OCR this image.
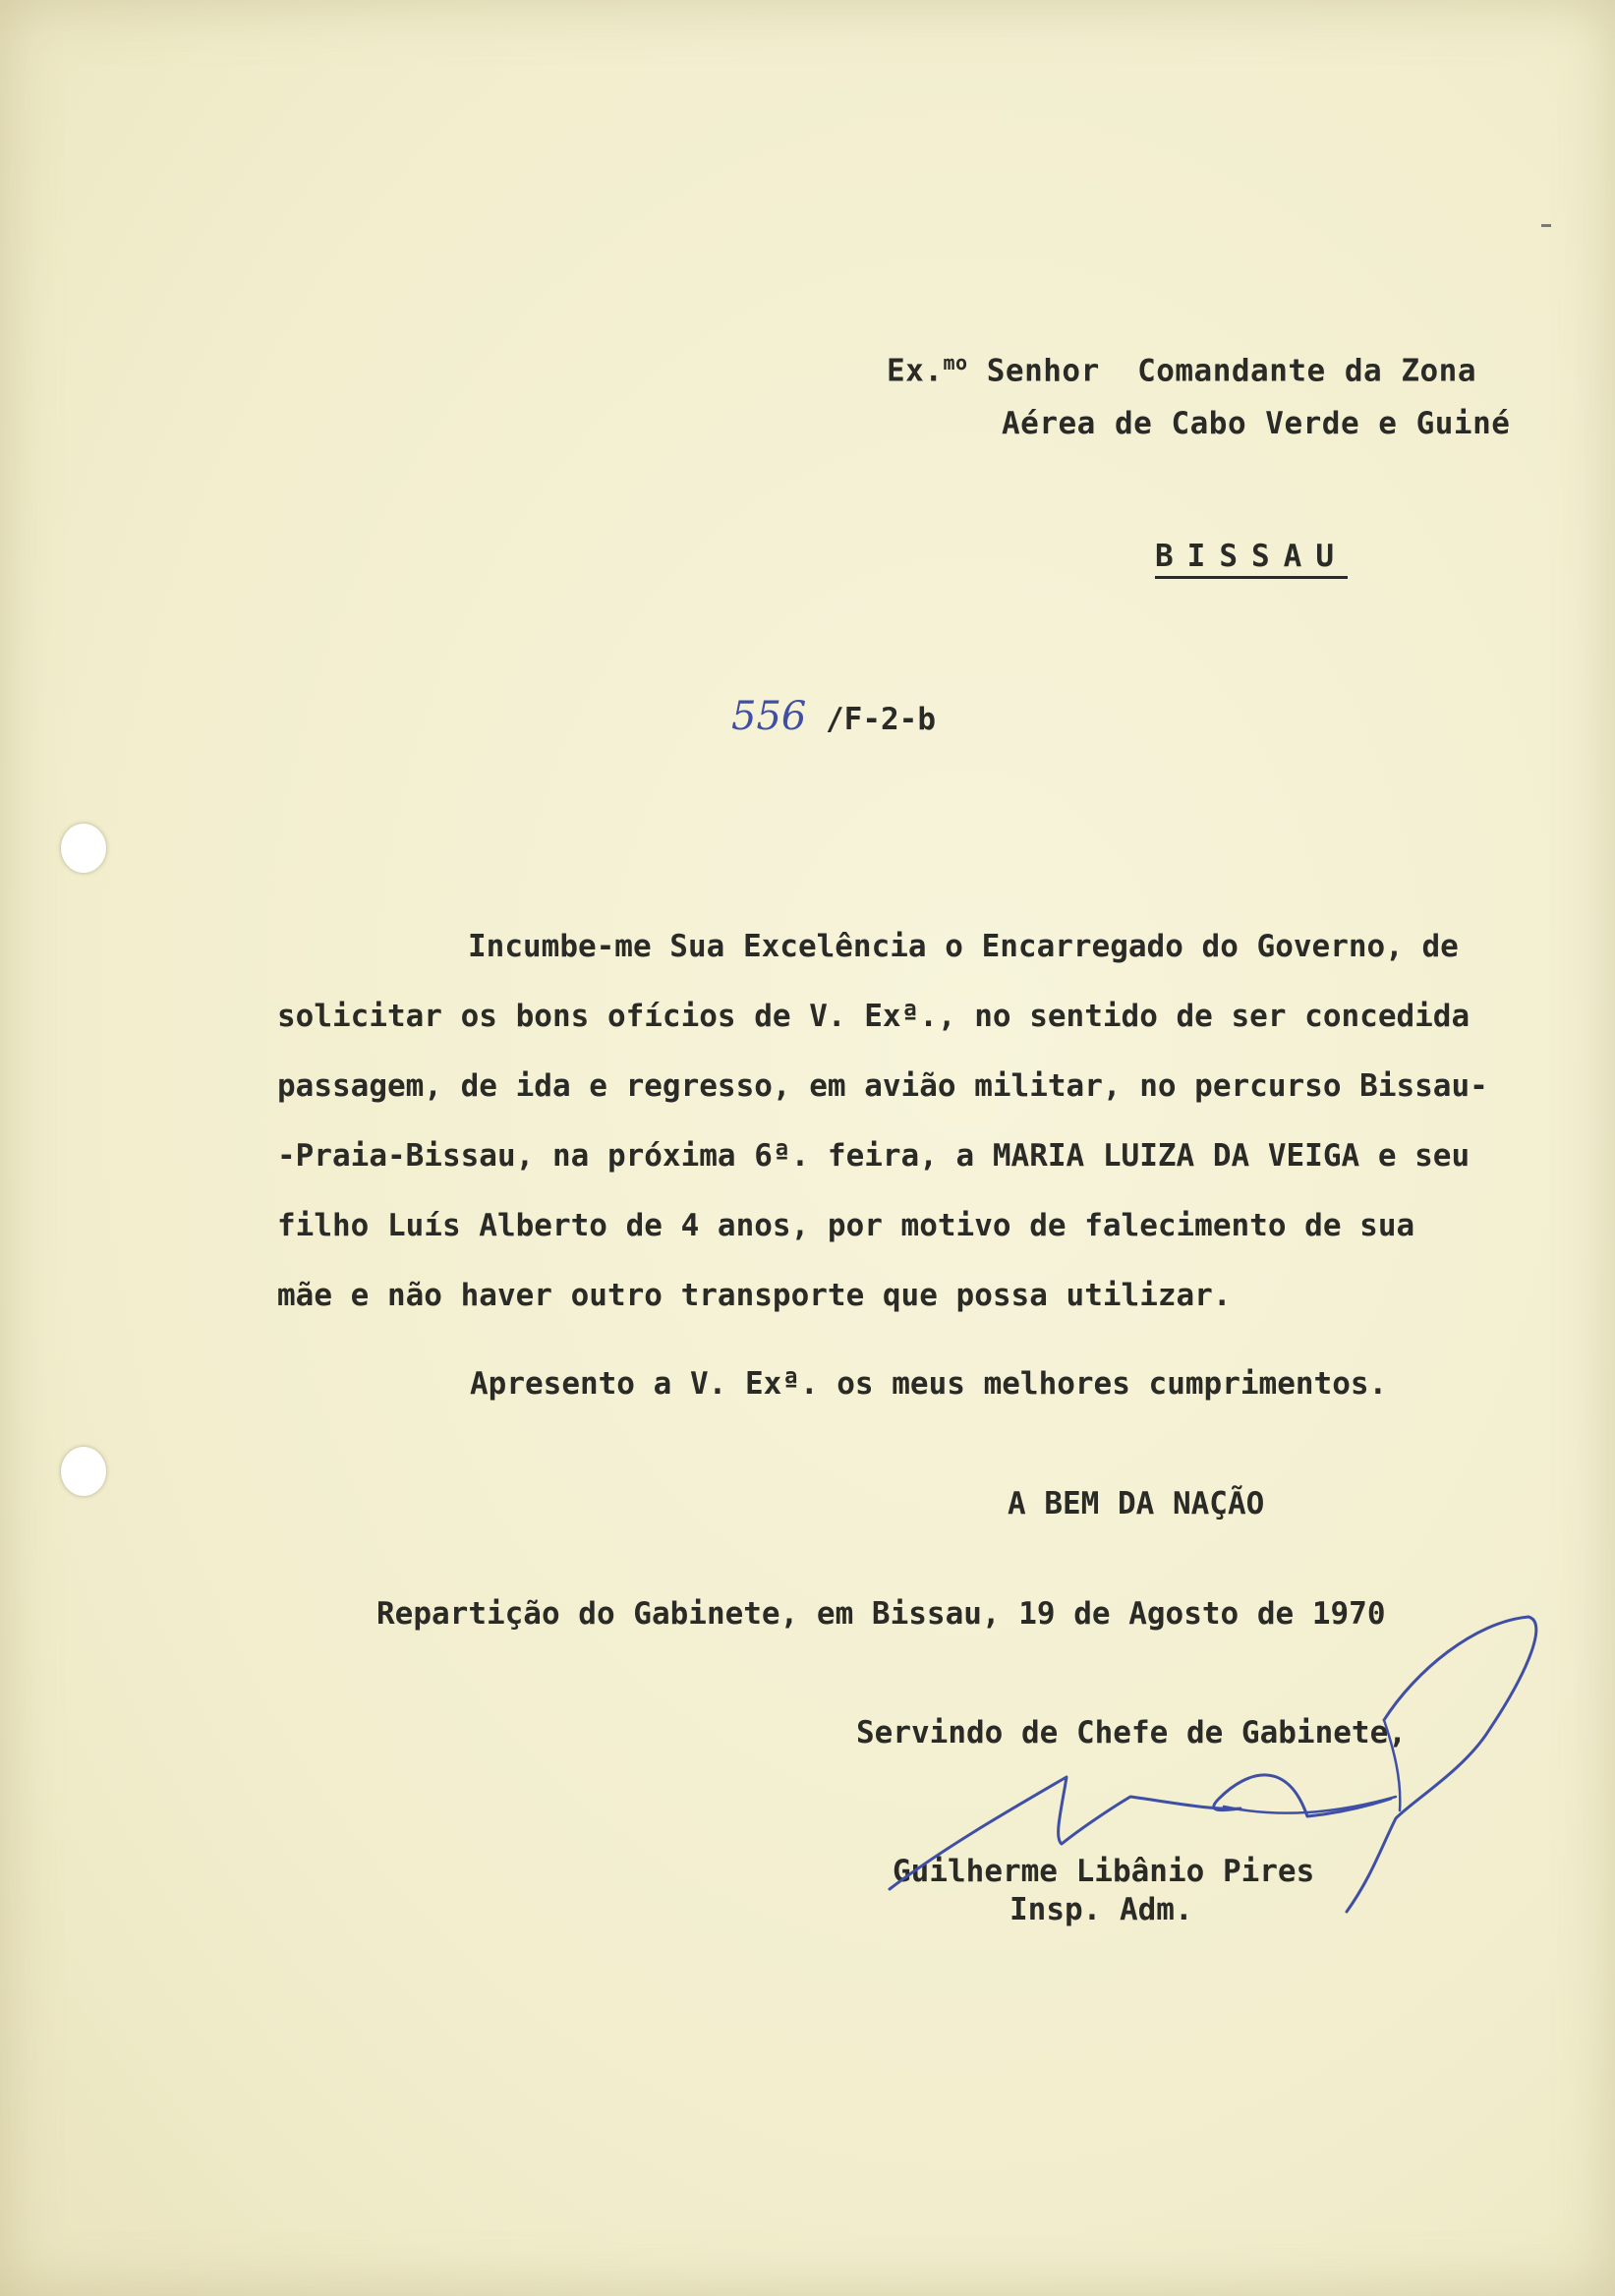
Ex.$^{mo}$ Senhor  Comandante da Zona
Aérea de Cabo Verde e Guiné
BISSAU
556 /F-2-b
Incumbe-me Sua Excelência o Encarregado do Governo, de
solicitar os bons ofícios de V. Exª., no sentido de ser concedida
passagem, de ida e regresso, em avião militar, no percurso Bissau-
-Praia-Bissau, na próxima 6ª. feira, a MARIA LUIZA DA VEIGA e seu
filho Luís Alberto de 4 anos, por motivo de falecimento de sua
mãe e não haver outro transporte que possa utilizar.
Apresento a V. Exª. os meus melhores cumprimentos.
A BEM DA NAÇÃO
Repartição do Gabinete, em Bissau, 19 de Agosto de 1970
Servindo de Chefe de Gabinete,
Guilherme Libânio Pires
Insp. Adm.
